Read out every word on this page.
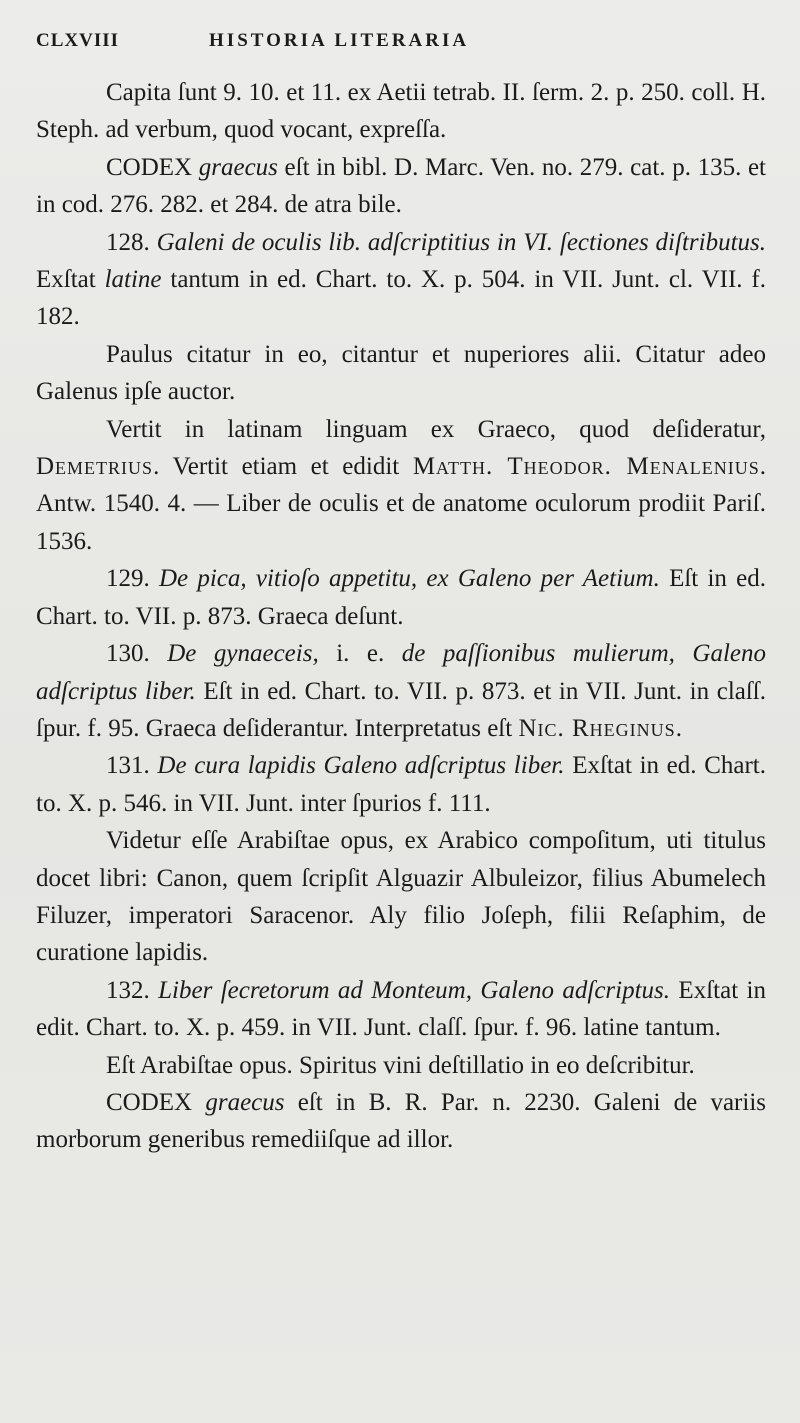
CLXVIII	HISTORIA LITERARIA

Capita ſunt 9. 10. et 11. ex Aetii tetrab. II. ſerm. 2. p. 250. coll. H. Steph. ad verbum, quod vocant, expreſſa.

CODEX graecus eſt in bibl. D. Marc. Ven. no. 279. cat. p. 135. et in cod. 276. 282. et 284. de atra bile.

128. Galeni de oculis lib. adſcriptitius in VI. ſectiones diſtributus. Exſtat latine tantum in ed. Chart. to. X. p. 504. in VII. Junt. cl. VII. f. 182.

Paulus citatur in eo, citantur et nuperiores alii. Citatur adeo Galenus ipſe auctor.

Vertit in latinam linguam ex Graeco, quod deſideratur, Demetrius. Vertit etiam et edidit Matth. Theodor. Menalenius. Antw. 1540. 4. — Liber de oculis et de anatome oculorum prodiit Pariſ. 1536.

129. De pica, vitioſo appetitu, ex Galeno per Aetium. Eſt in ed. Chart. to. VII. p. 873. Graeca deſunt.

130. De gynaeceis, i. e. de paſſionibus mulierum, Galeno adſcriptus liber. Eſt in ed. Chart. to. VII. p. 873. et in VII. Junt. in claſſ. ſpur. f. 95. Graeca deſiderantur. Interpretatus eſt Nic. Rheginus.

131. De cura lapidis Galeno adſcriptus liber. Exſtat in ed. Chart. to. X. p. 546. in VII. Junt. inter ſpurios f. 111.

Videtur eſſe Arabiſtae opus, ex Arabico compoſitum, uti titulus docet libri: Canon, quem ſcripſit Alguazir Albuleizor, filius Abumelech Filuzer, imperatori Saracenor. Aly filio Joſeph, filii Reſaphim, de curatione lapidis.

132. Liber ſecretorum ad Monteum, Galeno adſcriptus. Exſtat in edit. Chart. to. X. p. 459. in VII. Junt. claſſ. ſpur. f. 96. latine tantum.

Eſt Arabiſtae opus. Spiritus vini deſtillatio in eo deſcribitur.

CODEX graecus eſt in B. R. Par. n. 2230. Galeni de variis morborum generibus remediiſque ad illor.
